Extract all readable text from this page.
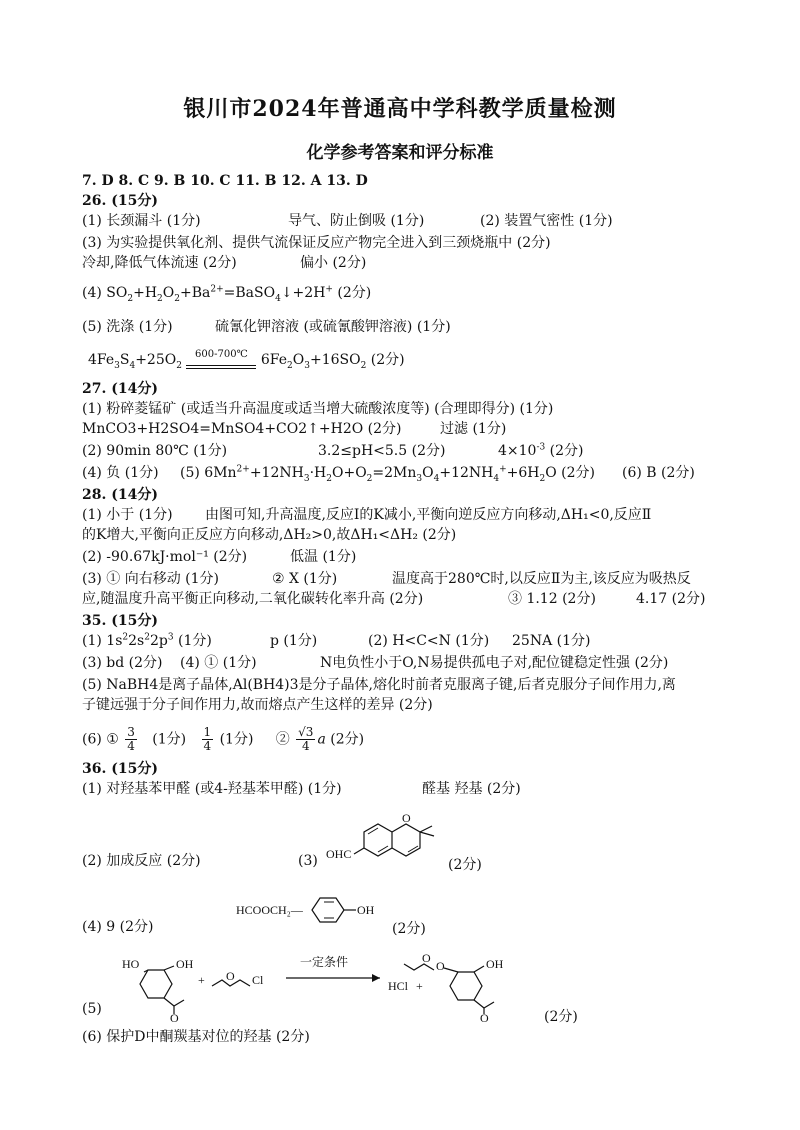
银川市2024年普通高中学科教学质量检测
化学参考答案和评分标准
7. D 8. C 9. B 10. C 11. B 12. A 13. D
26. (15分)
(1) 长颈漏斗 (1分)	导气、防止倒吸 (1分)	(2) 装置气密性 (1分)
(3) 为实验提供氧化剂、提供气流保证反应产物完全进入到三颈烧瓶中 (2分)
冷却,降低气体流速 (2分)	偏小 (2分)
(4) $SO_2+H_2O_2+Ba^{2+}=BaSO_4↓+2H^+$ (2分)
(5) 洗涤 (1分)	硫氰化钾溶液 (或硫氰酸钾溶液) (1分)
$4Fe_3S_4+25O_2$ 600-700℃
$6Fe_2O_3+16SO_2$ (2分)
27. (14分)
(1) 粉碎菱锰矿 (或适当升高温度或适当增大硫酸浓度等) (合理即得分) (1分)
MnCO3+H2SO4=MnSO4+CO2↑+H2O (2分)	过滤 (1分)
(2) 90min 80℃ (1分)	3.2≤pH<5.5 (2分)	$4\times 10^{-3}$ (2分)
(4) 负 (1分) (5) $6Mn^{2+}+12NH_3\cdot H_2O+O_2=2Mn_3O_4+12NH_4^++6H_2O$ (2分) (6) B (2分)
28. (14分)
(1) 小于 (1分) 由图可知,升高温度,反应Ⅰ的K减小,平衡向逆反应方向移动,ΔH₁<0,反应Ⅱ
的K增大,平衡向正反应方向移动,ΔH₂>0,故ΔH₁<ΔH₂ (2分)
(2) -90.67kJ·mol⁻¹ (2分)	低温 (1分)
(3) ① 向右移动 (1分)	② X (1分)	温度高于280℃时,以反应Ⅱ为主,该反应为吸热反
应,随温度升高平衡正向移动,二氧化碳转化率升高 (2分)	③ 1.12 (2分)	4.17 (2分)
35. (15分)
(1) $1s^22s^22p^3$ (1分)	p (1分)	(2) H<C<N (1分) 25NA (1分)
(3) bd (2分) (4) ① (1分)	N电负性小于O,N易提供孤电子对,配位键稳定性强 (2分)
(5) NaBH4是离子晶体,Al(BH4)3是分子晶体,熔化时前者克服离子键,后者克服分子间作用力,离
子键远强于分子间作用力,故而熔点产生这样的差异 (2分)
(6) ① $\frac{3}{4} (1$分) $\frac{1}{4} (1$分) ② $\frac{√3}{4}$ a (2分)
36. (15分)
(1) 对羟基苯甲醛 (或4-羟基苯甲醛) (1分)	醛基 羟基 (2分)
(2) 加成反应 (2分)	(3)	(2分)
OHC
O
(4) 9 (2分)	(2分)
HCOOCH₂—	OH
HO	OH
O
+ O Cl
一定条件
HCl +
O
O	OH
O
(5)	(2分)
(6) 保护D中酮羰基对位的羟基 (2分)
